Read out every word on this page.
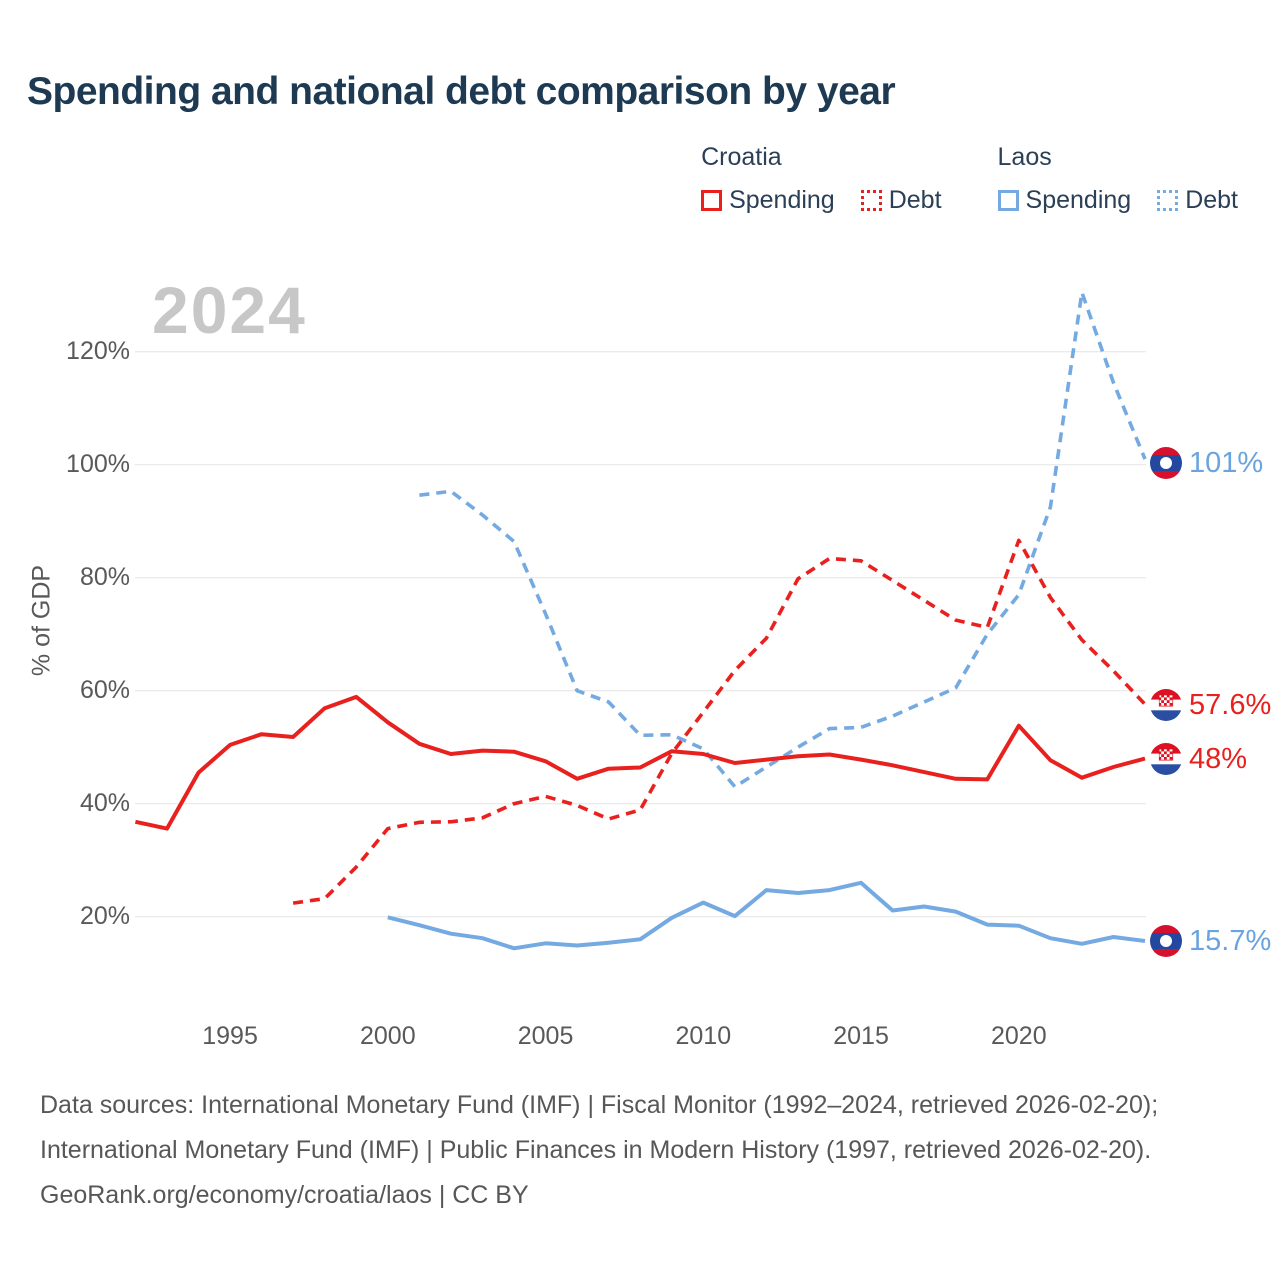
Spending and national debt comparison by year
Croatia
Spending Debt
Laos
Spending Debt
2024
% of GDP
20%
40%
60%
80%
100%
120%
1995	2000	2005	2010	2015	2020
101%
57.6%
48%
15.7%
Data sources: International Monetary Fund (IMF) | Fiscal Monitor (1992–2024, retrieved 2026-02-20);
International Monetary Fund (IMF) | Public Finances in Modern History (1997, retrieved 2026-02-20).
GeoRank.org/economy/croatia/laos | CC BY
